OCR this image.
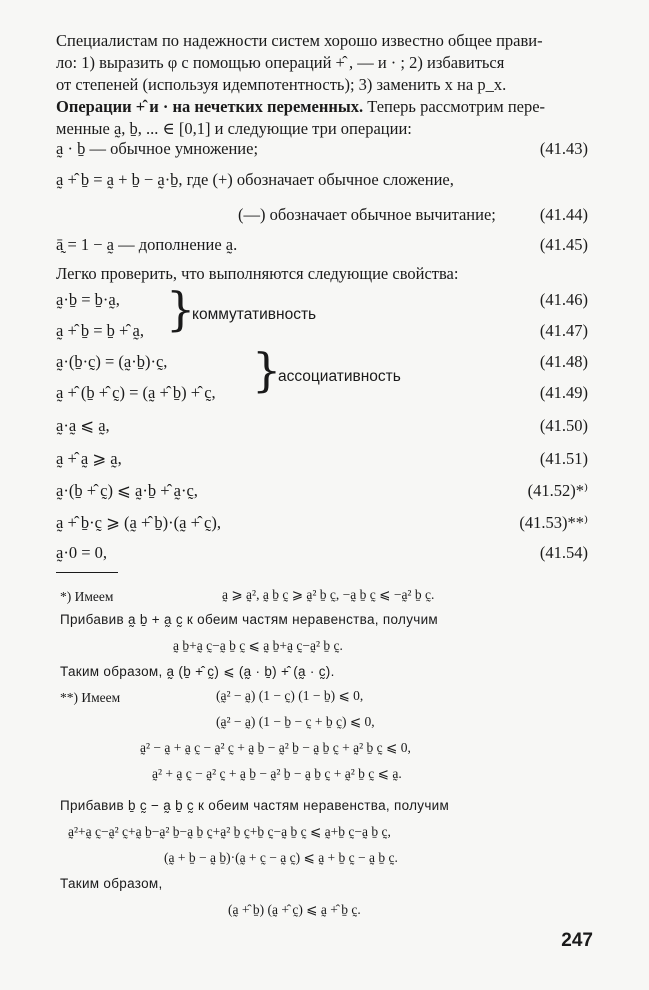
Специалистам по надежности систем хорошо известно общее прави-
ло: 1) выразить φ с помощью операций +̂ , — и · ; 2) избавиться
от степеней (используя идемпотентность); 3) заменить x на p_x.

Операции +̂ и · на нечетких переменных. Теперь рассмотрим пере-
менные a̰, ḇ, ... ∈ [0,1] и следующие три операции:

a̰ · ḇ — обычное умножение;	(41.43)
a̰ +̂ ḇ = a̰ + ḇ − a̰·ḇ, где (+) обозначает обычное сложение,
(—) обозначает обычное вычитание;	(41.44)
ā̰ = 1 − a̰ — дополнение a̰.	(41.45)

Легко проверить, что выполняются следующие свойства:

a̰·ḇ = ḇ·a̰,	(41.46)
a̰ +̂ ḇ = ḇ +̂ a̰,	(41.47)
}
коммутативность
a̰·(ḇ·c̰) = (a̰·ḇ)·c̰,	(41.48)
a̰ +̂ (ḇ +̂ c̰) = (a̰ +̂ ḇ) +̂ c̰,	(41.49)
}
ассоциативность
a̰·a̰ ⩽ a̰,	(41.50)
a̰ +̂ a̰ ⩾ a̰,	(41.51)
a̰·(ḇ +̂ c̰) ⩽ a̰·ḇ +̂ a̰·c̰,	(41.52)*⁾
a̰ +̂ ḇ·c̰ ⩾ (a̰ +̂ ḇ)·(a̰ +̂ c̰),	(41.53)**⁾
a̰·0 = 0,	(41.54)
*) Имеем	a̰ ⩾ a̰², a̰ ḇ c̰ ⩾ a̰² ḇ c̰, −a̰ ḇ c̰ ⩽ −a̰² ḇ c̰.
Прибавив a̰ ḇ + a̰ c̰ к обеим частям неравенства, получим
a̰ ḇ+a̰ c̰−a̰ ḇ c̰ ⩽ a̰ ḇ+a̰ c̰−a̰² ḇ c̰.
Таким образом, a̰ (ḇ +̂ c̰) ⩽ (a̰ · ḇ) +̂ (a̰ · c̰).
**) Имеем	(a̰² − a̰) (1 − c̰) (1 − ḇ) ⩽ 0,
(a̰² − a̰) (1 − ḇ − c̰ + ḇ c̰) ⩽ 0,
a̰² − a̰ + a̰ c̰ − a̰² c̰ + a̰ ḇ − a̰² ḇ − a̰ ḇ c̰ + a̰² ḇ c̰ ⩽ 0,
a̰² + a̰ c̰ − a̰² c̰ + a̰ ḇ − a̰² ḇ − a̰ ḇ c̰ + a̰² ḇ c̰ ⩽ a̰.
Прибавив ḇ c̰ − a̰ ḇ c̰ к обеим частям неравенства, получим
a̰²+a̰ c̰−a̰² c̰+a̰ ḇ−a̰² ḇ−a̰ ḇ c̰+a̰² ḇ c̰+ḇ c̰−a̰ ḇ c̰ ⩽ a̰+ḇ c̰−a̰ ḇ c̰,
(a̰ + ḇ − a̰ ḇ)·(a̰ + c̰ − a̰ c̰) ⩽ a̰ + ḇ c̰ − a̰ ḇ c̰.
Таким образом,
(a̰ +̂ ḇ) (a̰ +̂ c̰) ⩽ a̰ +̂ ḇ c̰.
247
